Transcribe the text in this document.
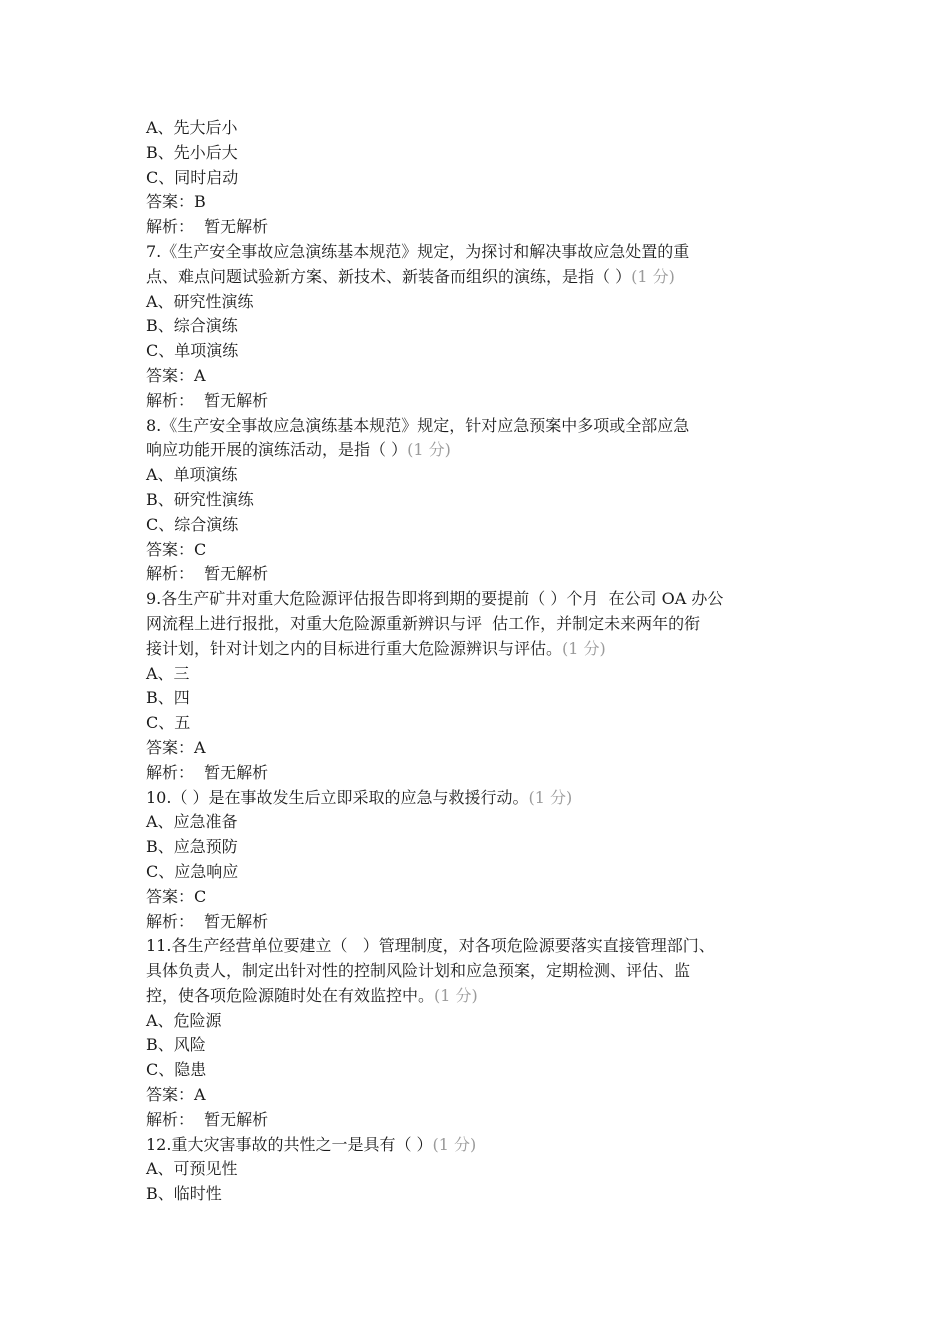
A、先大后小
B、先小后大
C、同时启动
答案：B
解析：  暂无解析
7.《生产安全事故应急演练基本规范》规定，为探讨和解决事故应急处置的重
点、难点问题试验新方案、新技术、新装备而组织的演练，是指（ ）(1 分)
A、研究性演练
B、综合演练
C、单项演练
答案：A
解析：  暂无解析
8.《生产安全事故应急演练基本规范》规定，针对应急预案中多项或全部应急
响应功能开展的演练活动，是指（ ）(1 分)
A、单项演练
B、研究性演练
C、综合演练
答案：C
解析：  暂无解析
9.各生产矿井对重大危险源评估报告即将到期的要提前（ ）个月  在公司 OA 办公
网流程上进行报批，对重大危险源重新辨识与评  估工作，并制定未来两年的衔
接计划，针对计划之内的目标进行重大危险源辨识与评估。(1 分)
A、三
B、四
C、五
答案：A
解析：  暂无解析
10.（ ）是在事故发生后立即采取的应急与救援行动。(1 分)
A、应急准备
B、应急预防
C、应急响应
答案：C
解析：  暂无解析
11.各生产经营单位要建立（   ）管理制度，对各项危险源要落实直接管理部门、
具体负责人，制定出针对性的控制风险计划和应急预案，定期检测、评估、监
控，使各项危险源随时处在有效监控中。(1 分)
A、危险源
B、风险
C、隐患
答案：A
解析：  暂无解析
12.重大灾害事故的共性之一是具有（ ）(1 分)
A、可预见性
B、临时性
